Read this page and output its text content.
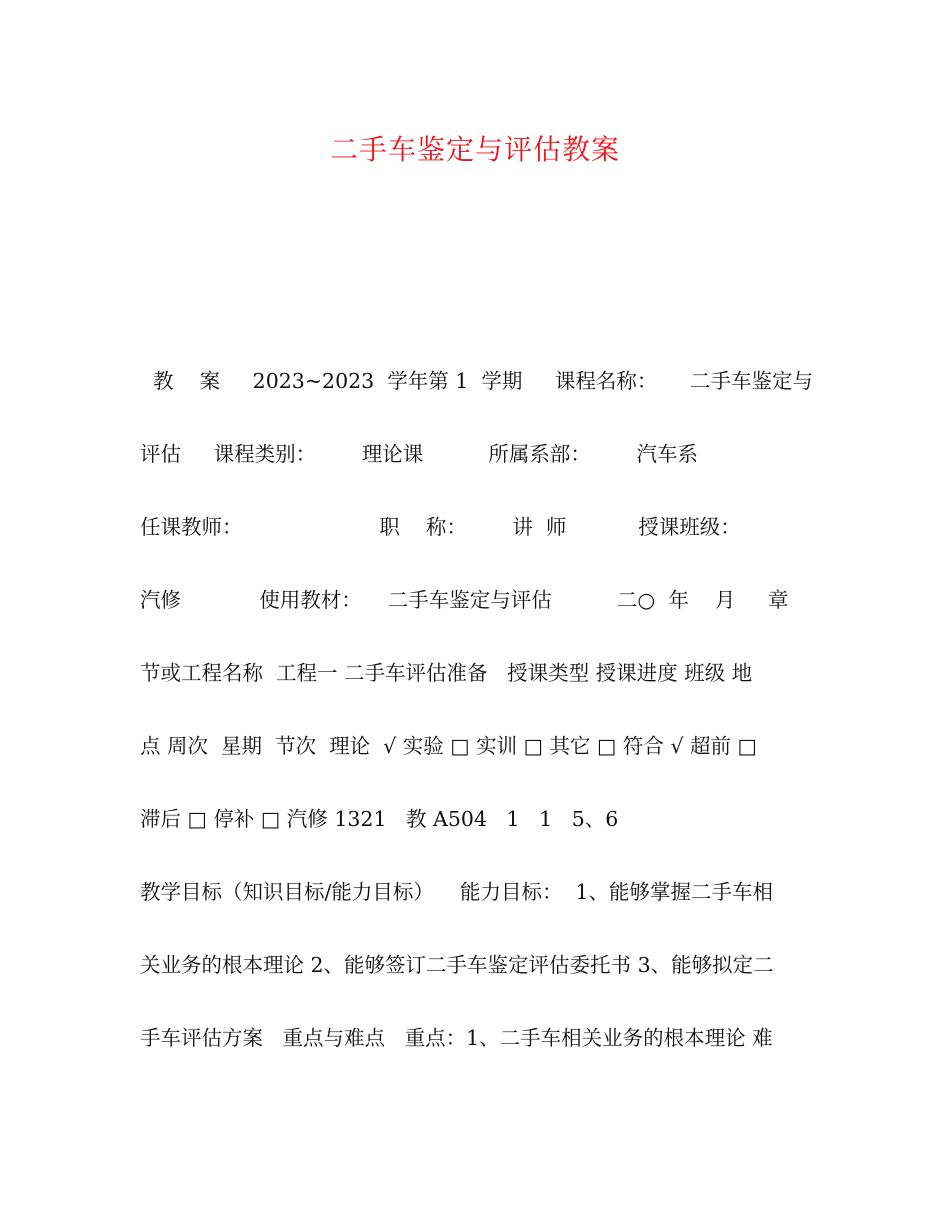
二手车鉴定与评估教案
教    案     2023~2023  学年第 1  学期     课程名称：     二手车鉴定与
评估     课程类别：       理论课          所属系部：       汽车系
任课教师：                     职    称：       讲  师           授课班级：
汽修            使用教材：    二手车鉴定与评估          二○  年    月     章
节或工程名称  工程一 二手车评估准备   授课类型 授课进度 班级 地
点 周次  星期  节次  理论  √ 实验 □ 实训 □ 其它 □ 符合 √ 超前 □
滞后 □ 停补 □ 汽修 1321   教 A504   1   1   5、6
教学目标（知识目标/能力目标）    能力目标：  1、能够掌握二手车相
关业务的根本理论 2、能够签订二手车鉴定评估委托书 3、能够拟定二
手车评估方案   重点与难点   重点：1、二手车相关业务的根本理论 难
